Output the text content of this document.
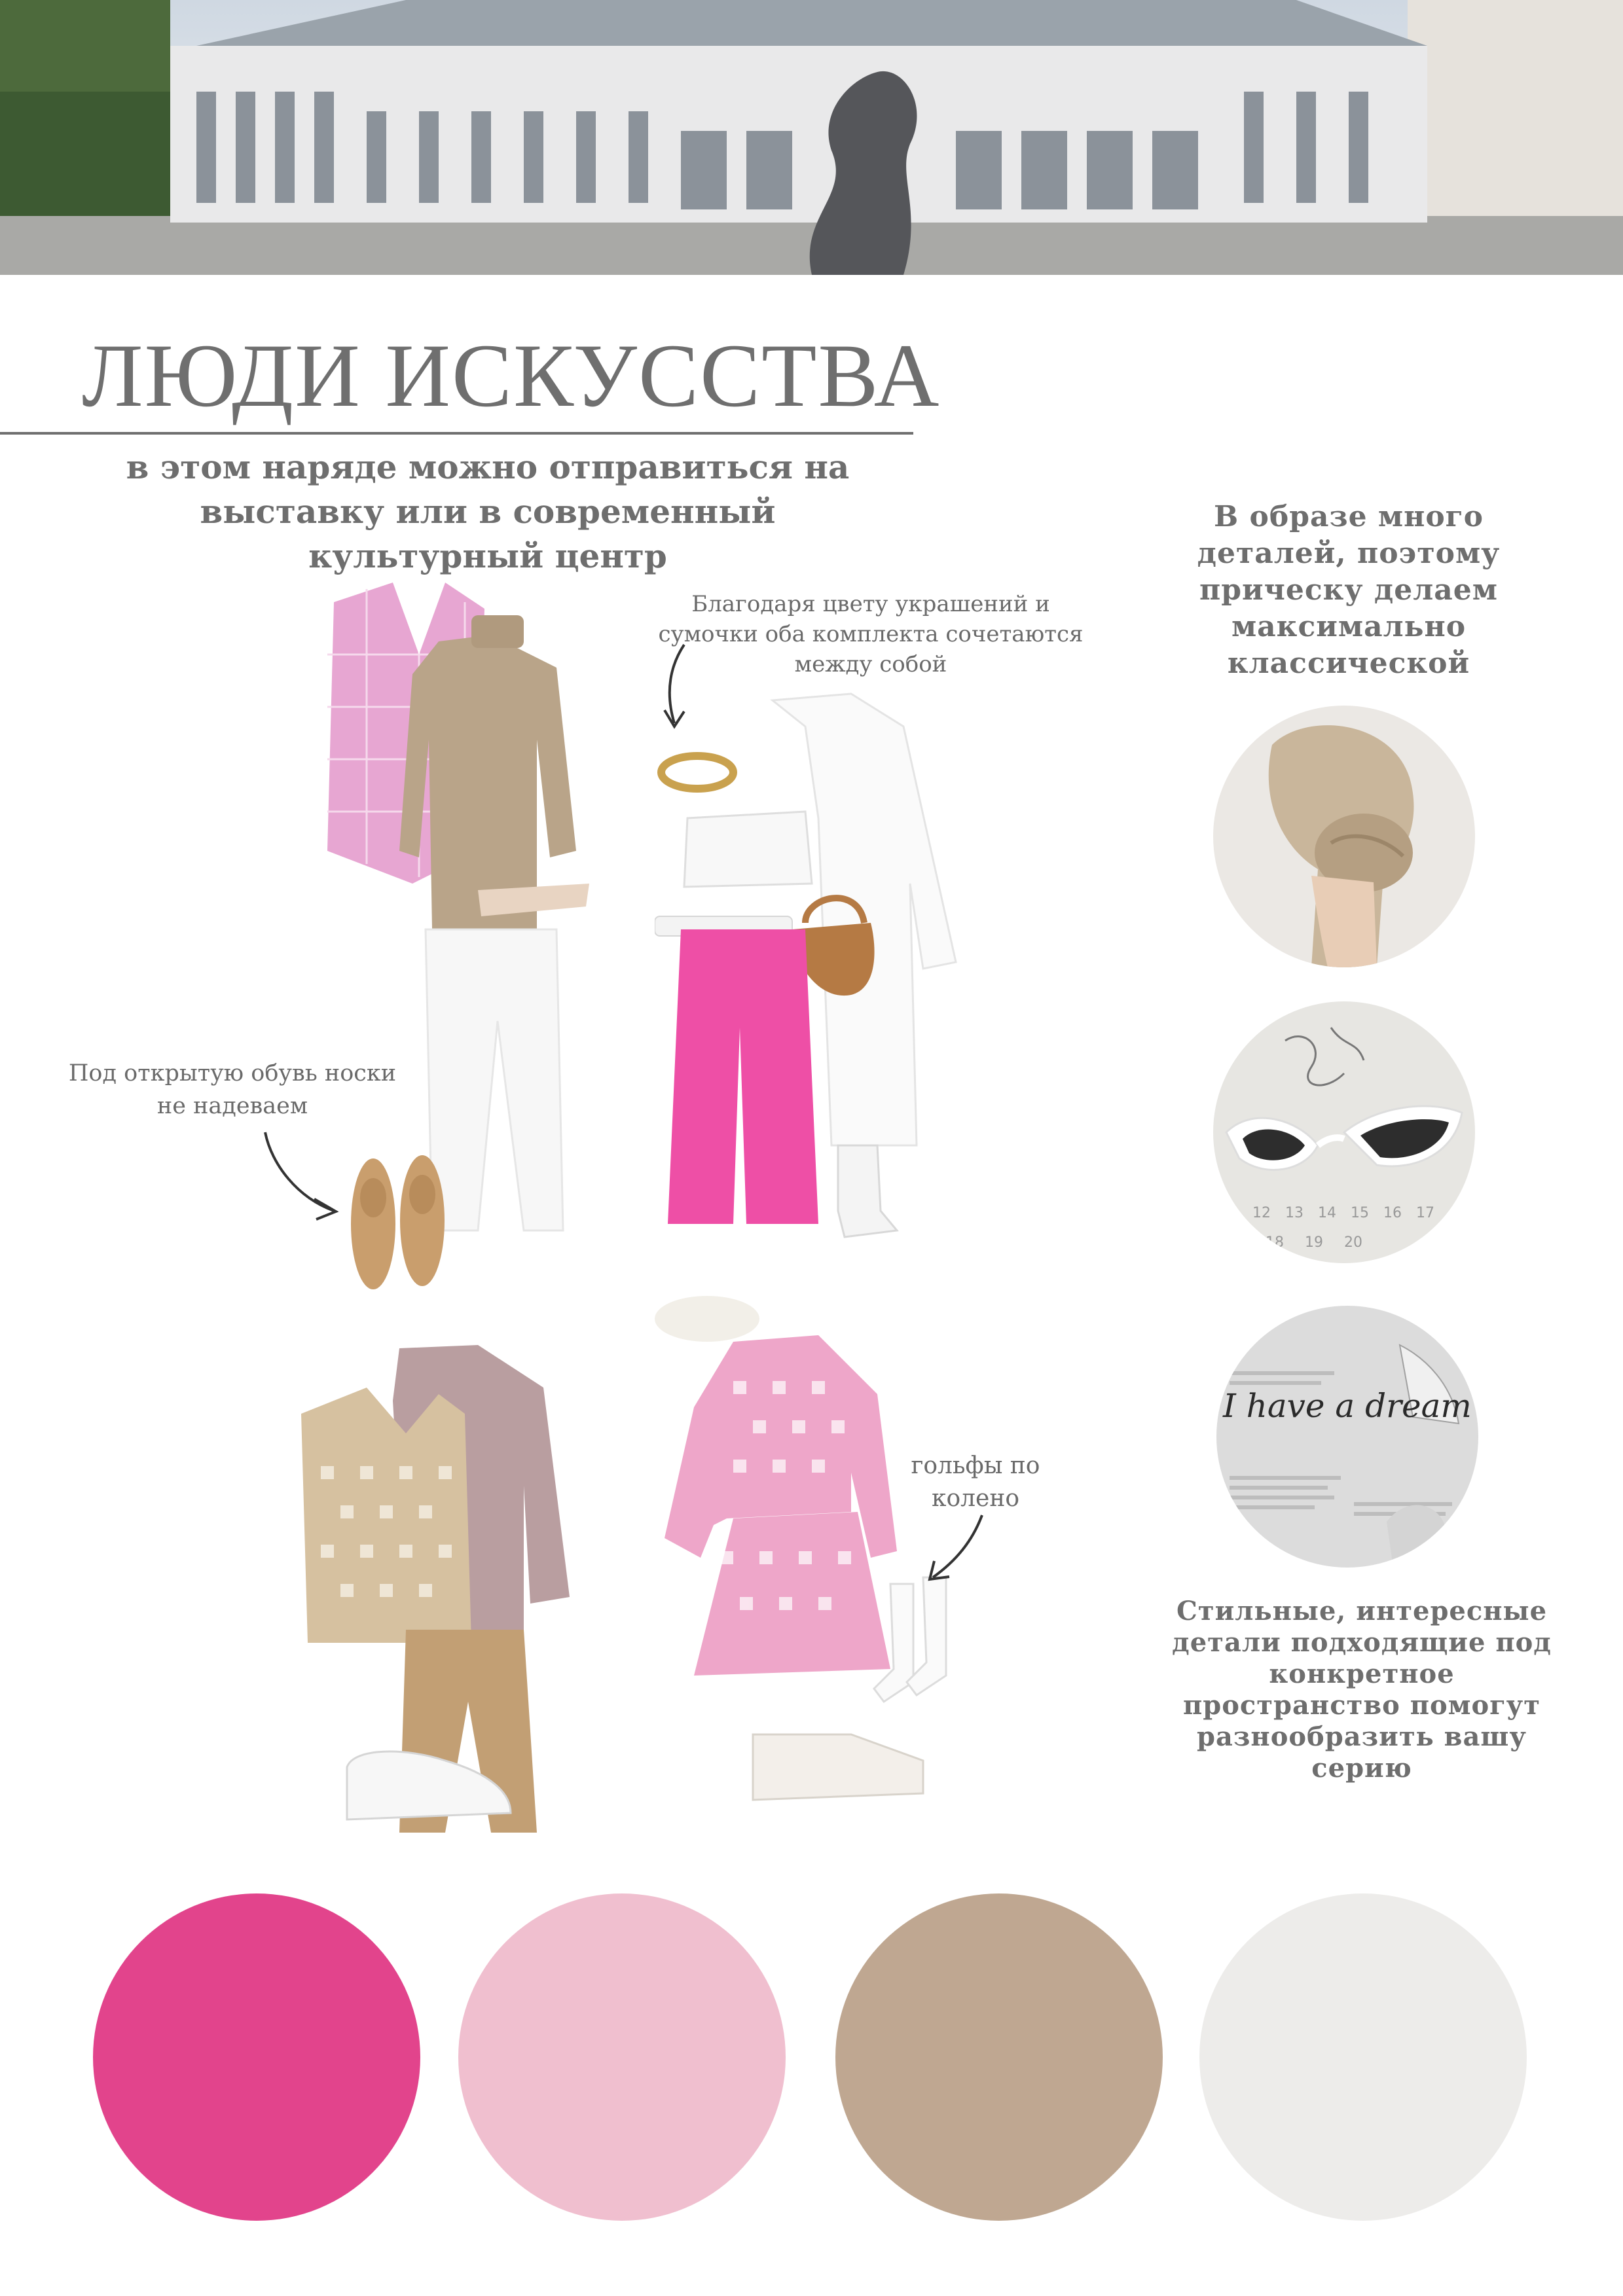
ЛЮДИ ИСКУССТВА
в этом наряде можно отправиться на выставку или в современный культурный центр
В образе много деталей, поэтому прическу делаем максимально классической
12 13 14 15 16 17
18 19 20
I have a dream
Стильные, интересные детали подходящие под конкретное пространство помогут разнообразить вашу серию
Благодаря цвету украшений и сумочки оба комплекта сочетаются между собой
Под открытую обувь носки не надеваем
гольфы по колено
